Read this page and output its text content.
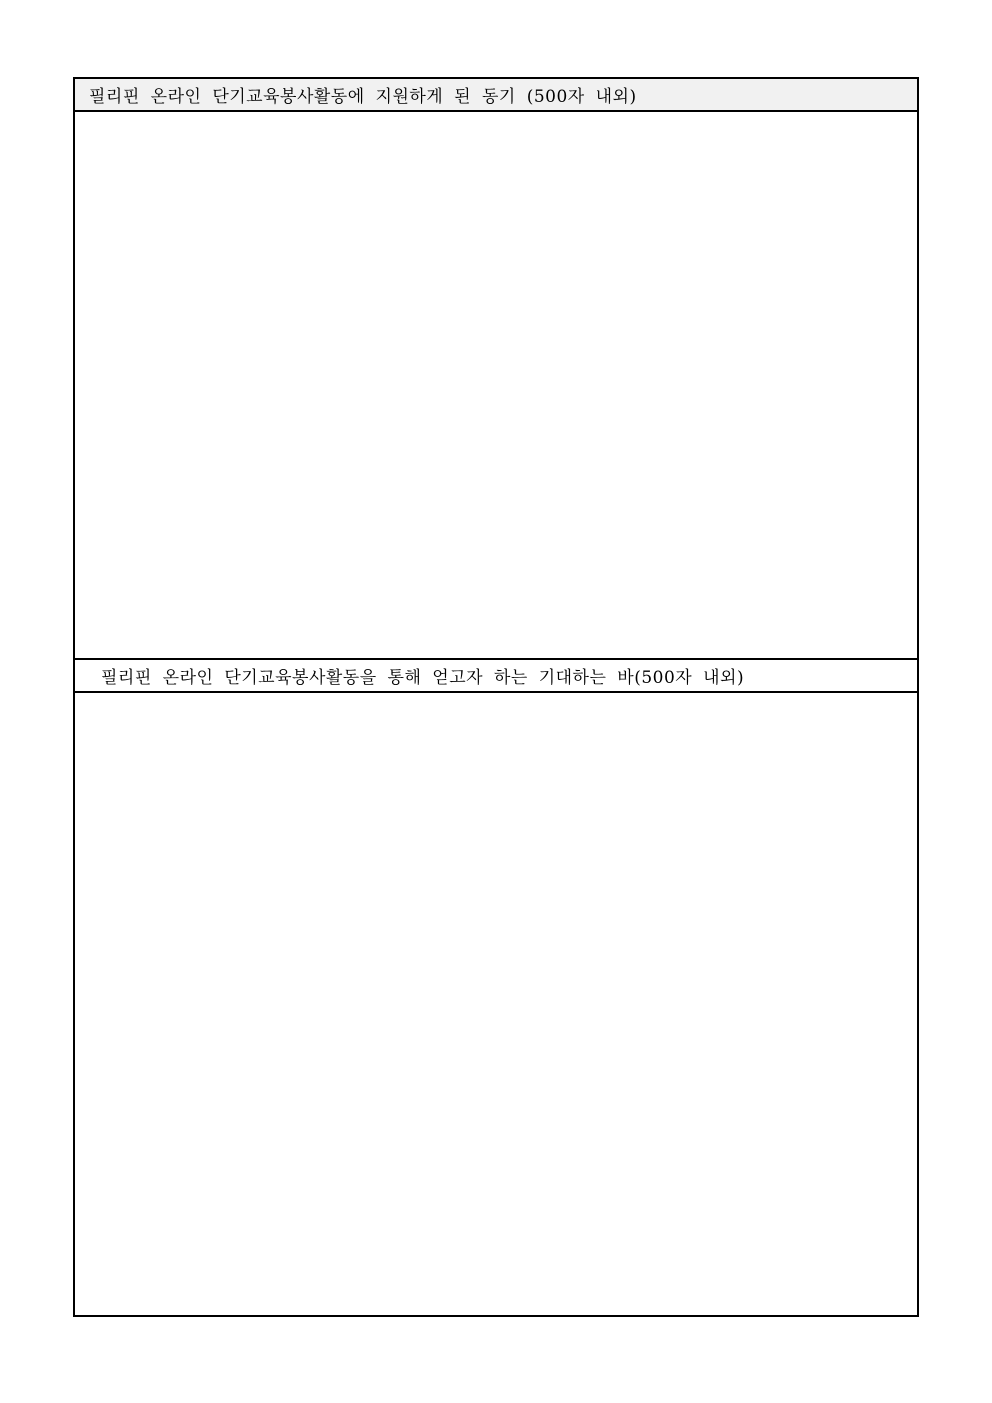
필리핀 온라인 단기교육봉사활동에 지원하게 된 동기 (500자 내외)
필리핀 온라인 단기교육봉사활동을 통해 얻고자 하는 기대하는 바(500자 내외)
